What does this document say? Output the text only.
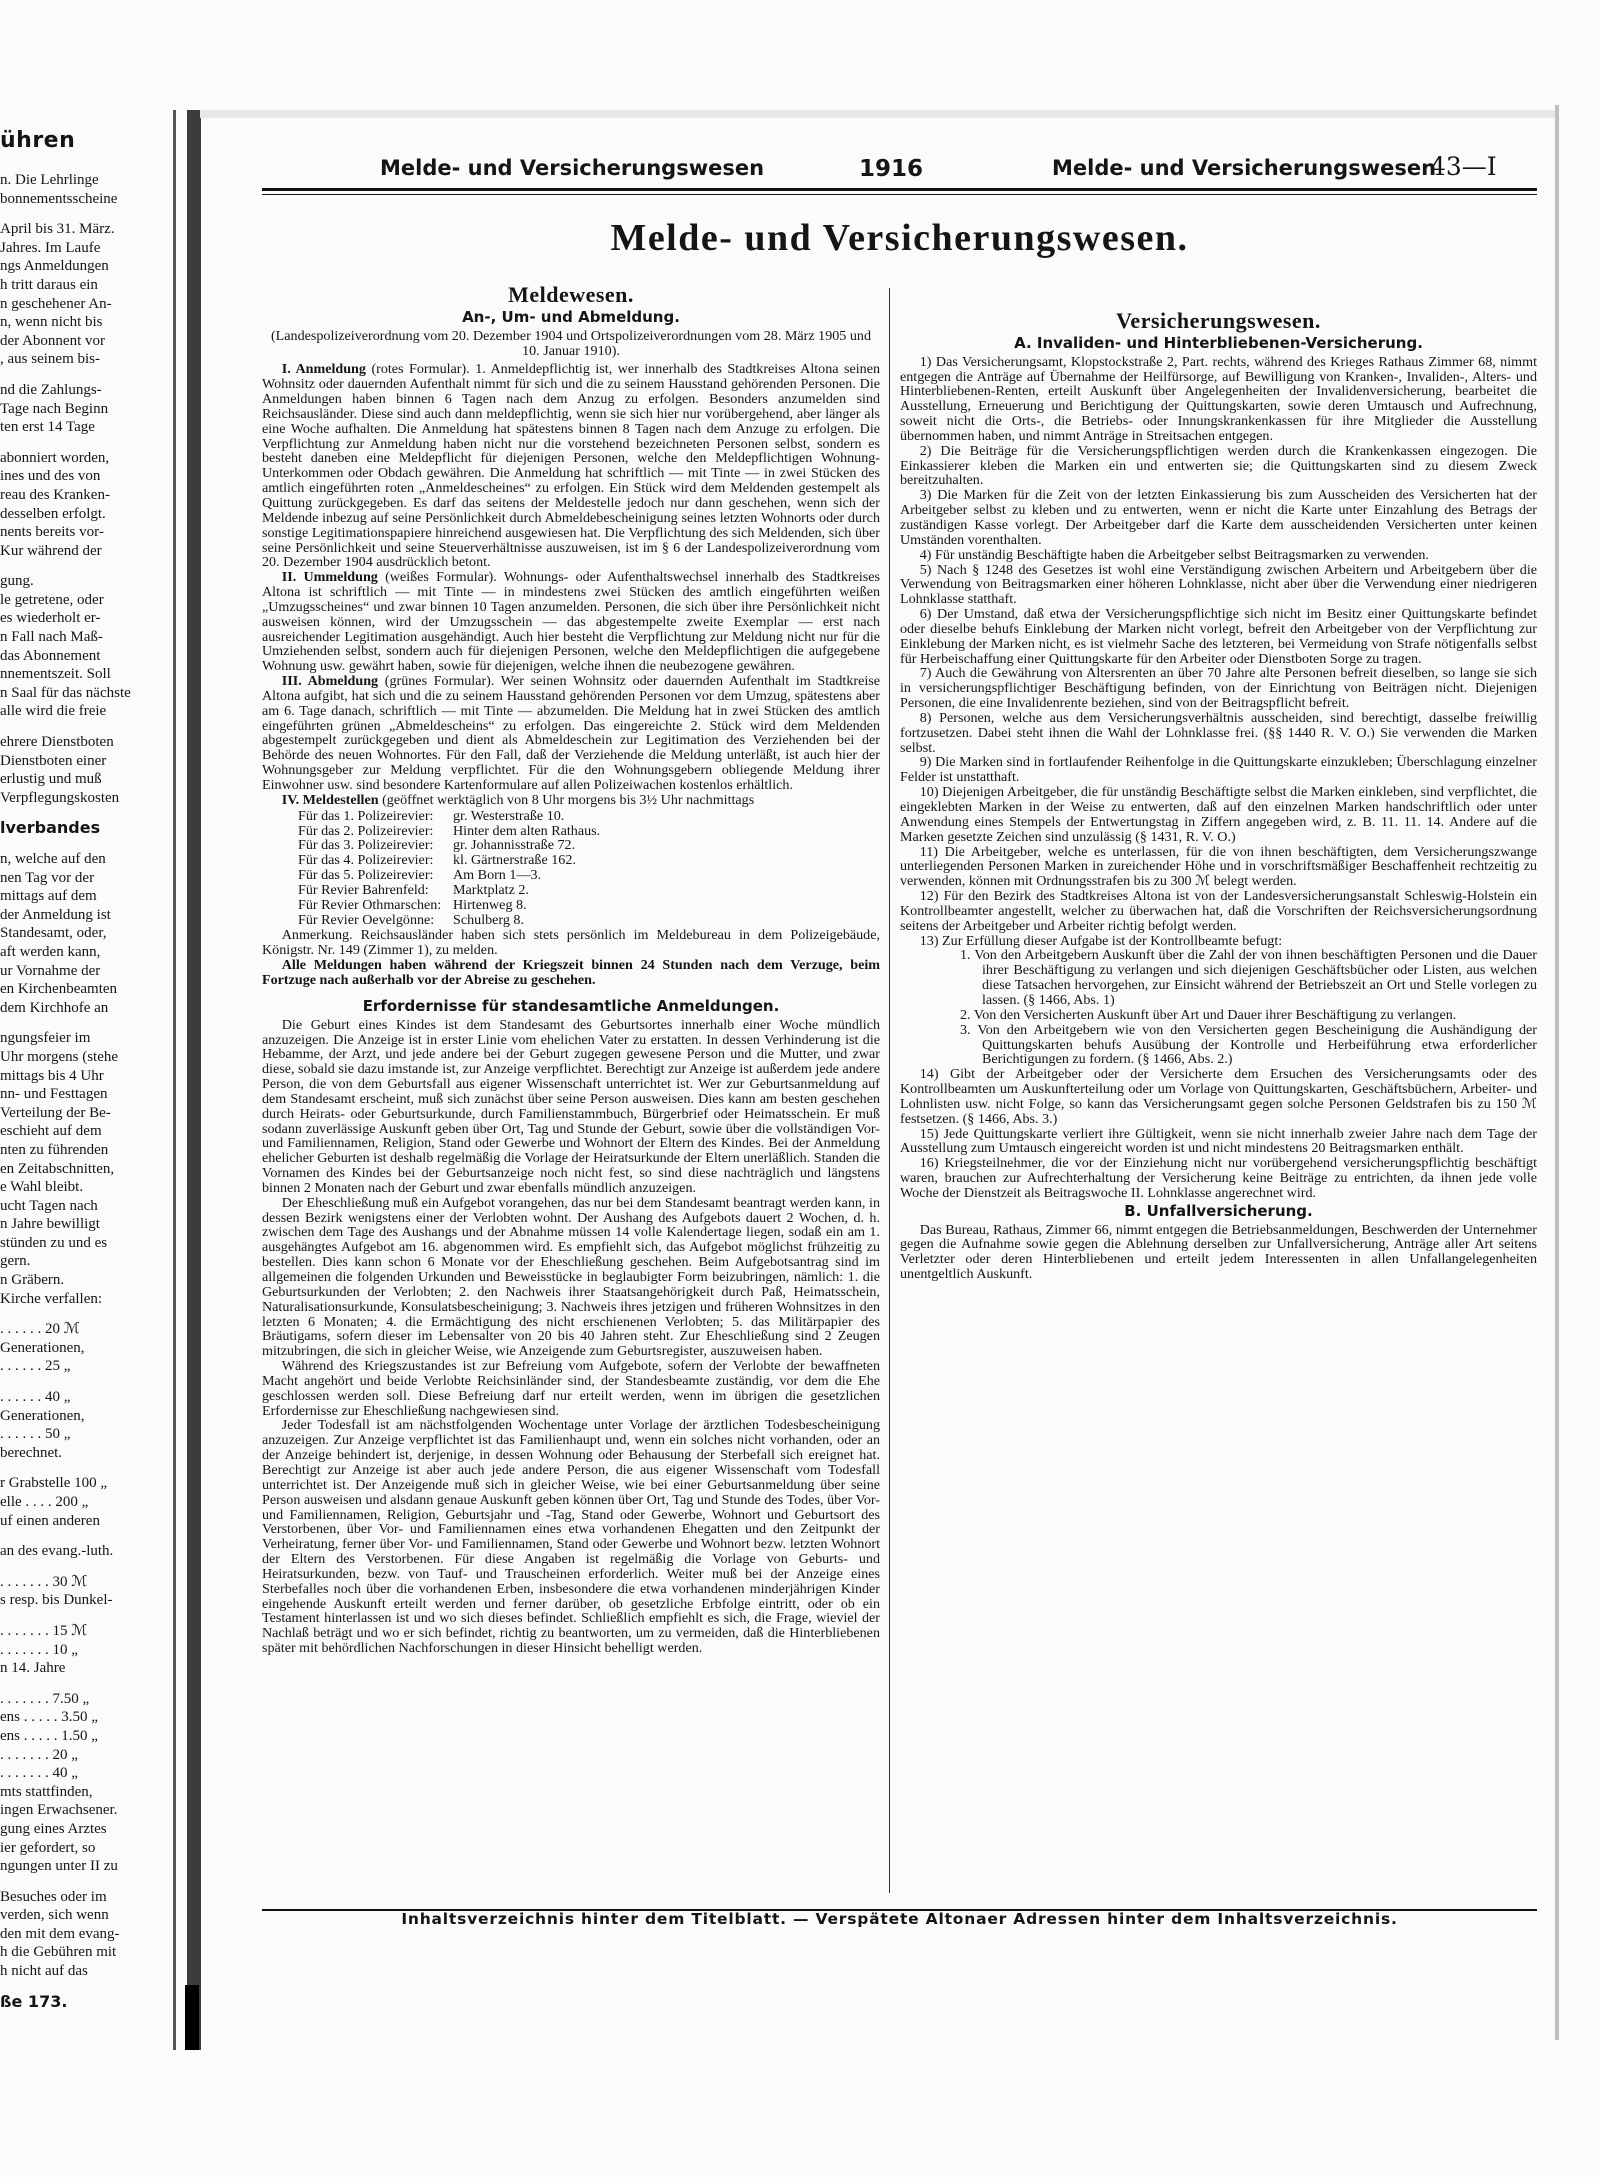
ühren
n. Die Lehrlinge
bonnementsscheine
April bis 31. März.
Jahres. Im Laufe
ngs Anmeldungen
h tritt daraus ein
n geschehener An-
n, wenn nicht bis
der Abonnent vor
, aus seinem bis-
nd die Zahlungs-
Tage nach Beginn
ten erst 14 Tage
abonniert worden,
ines und des von
reau des Kranken-
desselben erfolgt.
nents bereits vor-
Kur während der
gung.
le getretene, oder
es wiederholt er-
n Fall nach Maß-
das Abonnement
nnementszeit. Soll
n Saal für das nächste
alle wird die freie
ehrere Dienstboten
Dienstboten einer
erlustig und muß
Verpflegungskosten
lverbandes
n, welche auf den
nen Tag vor der
mittags auf dem
der Anmeldung ist
Standesamt, oder,
aft werden kann,
ur Vornahme der
en Kirchenbeamten
dem Kirchhofe an
ngungsfeier im
Uhr morgens (stehe
mittags bis 4 Uhr
nn- und Festtagen
Verteilung der Be-
eschieht auf dem
nten zu führenden
en Zeitabschnitten,
e Wahl bleibt.
ucht Tagen nach
n Jahre bewilligt
stünden zu und es
gern.
n Gräbern.
Kirche verfallen:
. . . . . . 20 ℳ
Generationen,
. . . . . . 25 „
. . . . . . 40 „
Generationen,
. . . . . . 50 „
berechnet.
r Grabstelle 100 „
elle . . . . 200 „
uf einen anderen
an des evang.-luth.
. . . . . . . 30 ℳ
s resp. bis Dunkel-
. . . . . . . 15 ℳ
. . . . . . . 10 „
n 14. Jahre
. . . . . . . 7.50 „
ens . . . . . 3.50 „
ens . . . . . 1.50 „
. . . . . . . 20 „
. . . . . . . 40 „
mts stattfinden,
ingen Erwachsener.
gung eines Arztes
ier gefordert, so
ngungen unter II zu
Besuches oder im
verden, sich wenn
den mit dem evang-
h die Gebühren mit
h nicht auf das
ße 173.
Melde- und Versicherungswesen	1916	Melde- und Versicherungswesen
43—I
Melde- und Versicherungswesen.
Meldewesen.
An-, Um- und Abmeldung.
(Landespolizeiverordnung vom 20. Dezember 1904 und Ortspolizeiverordnungen vom 28. März 1905 und 10. Januar 1910).

I. Anmeldung (rotes Formular). 1. Anmeldepflichtig ist, wer innerhalb des Stadtkreises Altona seinen Wohnsitz oder dauernden Aufenthalt nimmt für sich und die zu seinem Hausstand gehörenden Personen. Die Anmeldungen haben binnen 6 Tagen nach dem Anzug zu erfolgen. Besonders anzumelden sind Reichsausländer. Diese sind auch dann meldepflichtig, wenn sie sich hier nur vorübergehend, aber länger als eine Woche aufhalten. Die Anmeldung hat spätestens binnen 8 Tagen nach dem Anzuge zu erfolgen. Die Verpflichtung zur Anmeldung haben nicht nur die vorstehend bezeichneten Personen selbst, sondern es besteht daneben eine Meldepflicht für diejenigen Personen, welche den Meldepflichtigen Wohnung-Unterkommen oder Obdach gewähren. Die Anmeldung hat schriftlich — mit Tinte — in zwei Stücken des amtlich eingeführten roten „Anmeldescheines“ zu erfolgen. Ein Stück wird dem Meldenden gestempelt als Quittung zurückgegeben. Es darf das seitens der Meldestelle jedoch nur dann geschehen, wenn sich der Meldende inbezug auf seine Persönlichkeit durch Abmeldebescheinigung seines letzten Wohnorts oder durch sonstige Legitimationspapiere hinreichend ausgewiesen hat. Die Verpflichtung des sich Meldenden, sich über seine Persönlichkeit und seine Steuerverhältnisse auszuweisen, ist im § 6 der Landespolizeiverordnung vom 20. Dezember 1904 ausdrücklich betont.

II. Ummeldung (weißes Formular). Wohnungs- oder Aufenthaltswechsel innerhalb des Stadtkreises Altona ist schriftlich — mit Tinte — in mindestens zwei Stücken des amtlich eingeführten weißen „Umzugsscheines“ und zwar binnen 10 Tagen anzumelden. Personen, die sich über ihre Persönlichkeit nicht ausweisen können, wird der Umzugsschein — das abgestempelte zweite Exemplar — erst nach ausreichender Legitimation ausgehändigt. Auch hier besteht die Verpflichtung zur Meldung nicht nur für die Umziehenden selbst, sondern auch für diejenigen Personen, welche den Meldepflichtigen die aufgegebene Wohnung usw. gewährt haben, sowie für diejenigen, welche ihnen die neubezogene gewähren.

III. Abmeldung (grünes Formular). Wer seinen Wohnsitz oder dauernden Aufenthalt im Stadtkreise Altona aufgibt, hat sich und die zu seinem Hausstand gehörenden Personen vor dem Umzug, spätestens aber am 6. Tage danach, schriftlich — mit Tinte — abzumelden. Die Meldung hat in zwei Stücken des amtlich eingeführten grünen „Abmeldescheins“ zu erfolgen. Das eingereichte 2. Stück wird dem Meldenden abgestempelt zurückgegeben und dient als Abmeldeschein zur Legitimation des Verziehenden bei der Behörde des neuen Wohnortes. Für den Fall, daß der Verziehende die Meldung unterläßt, ist auch hier der Wohnungsgeber zur Meldung verpflichtet. Für die den Wohnungsgebern obliegende Meldung ihrer Einwohner usw. sind besondere Kartenformulare auf allen Polizeiwachen kostenlos erhältlich.

IV. Meldestellen (geöffnet werktäglich von 8 Uhr morgens bis 3½ Uhr nachmittags

Für das 1. Polizeirevier:	gr. Westerstraße 10.
Für das 2. Polizeirevier:	Hinter dem alten Rathaus.
Für das 3. Polizeirevier:	gr. Johannisstraße 72.
Für das 4. Polizeirevier:	kl. Gärtnerstraße 162.
Für das 5. Polizeirevier:	Am Born 1—3.
Für Revier Bahrenfeld:	Marktplatz 2.
Für Revier Othmarschen: Hirtenweg 8.
Für Revier Oevelgönne:	Schulberg 8.

Anmerkung. Reichsausländer haben sich stets persönlich im Meldebureau in dem Polizeigebäude, Königstr. Nr. 149 (Zimmer 1), zu melden.

Alle Meldungen haben während der Kriegszeit binnen 24 Stunden nach dem Verzuge, beim Fortzuge nach außerhalb vor der Abreise zu geschehen.

Erfordernisse für standesamtliche Anmeldungen.

Die Geburt eines Kindes ist dem Standesamt des Geburtsortes innerhalb einer Woche mündlich anzuzeigen. Die Anzeige ist in erster Linie vom ehelichen Vater zu erstatten. In dessen Verhinderung ist die Hebamme, der Arzt, und jede andere bei der Geburt zugegen gewesene Person und die Mutter, und zwar diese, sobald sie dazu imstande ist, zur Anzeige verpflichtet. Berechtigt zur Anzeige ist außerdem jede andere Person, die von dem Geburtsfall aus eigener Wissenschaft unterrichtet ist. Wer zur Geburtsanmeldung auf dem Standesamt erscheint, muß sich zunächst über seine Person ausweisen. Dies kann am besten geschehen durch Heirats- oder Geburtsurkunde, durch Familienstammbuch, Bürgerbrief oder Heimatsschein. Er muß sodann zuverlässige Auskunft geben über Ort, Tag und Stunde der Geburt, sowie über die vollständigen Vor- und Familiennamen, Religion, Stand oder Gewerbe und Wohnort der Eltern des Kindes. Bei der Anmeldung ehelicher Geburten ist deshalb regelmäßig die Vorlage der Heiratsurkunde der Eltern unerläßlich. Standen die Vornamen des Kindes bei der Geburtsanzeige noch nicht fest, so sind diese nachträglich und längstens binnen 2 Monaten nach der Geburt und zwar ebenfalls mündlich anzuzeigen.

Der Eheschließung muß ein Aufgebot vorangehen, das nur bei dem Standesamt beantragt werden kann, in dessen Bezirk wenigstens einer der Verlobten wohnt. Der Aushang des Aufgebots dauert 2 Wochen, d. h. zwischen dem Tage des Aushangs und der Abnahme müssen 14 volle Kalendertage liegen, sodaß ein am 1. ausgehängtes Aufgebot am 16. abgenommen wird. Es empfiehlt sich, das Aufgebot möglichst frühzeitig zu bestellen. Dies kann schon 6 Monate vor der Eheschließung geschehen. Beim Aufgebotsantrag sind im allgemeinen die folgenden Urkunden und Beweisstücke in beglaubigter Form beizubringen, nämlich: 1. die Geburtsurkunden der Verlobten; 2. den Nachweis ihrer Staatsangehörigkeit durch Paß, Heimatsschein, Naturalisationsurkunde, Konsulatsbescheinigung; 3. Nachweis ihres jetzigen und früheren Wohnsitzes in den letzten 6 Monaten; 4. die Ermächtigung des nicht erschienenen Verlobten; 5. das Militärpapier des Bräutigams, sofern dieser im Lebensalter von 20 bis 40 Jahren steht. Zur Eheschließung sind 2 Zeugen mitzubringen, die sich in gleicher Weise, wie Anzeigende zum Geburtsregister, auszuweisen haben.

Während des Kriegszustandes ist zur Befreiung vom Aufgebote, sofern der Verlobte der bewaffneten Macht angehört und beide Verlobte Reichsinländer sind, der Standesbeamte zuständig, vor dem die Ehe geschlossen werden soll. Diese Befreiung darf nur erteilt werden, wenn im übrigen die gesetzlichen Erfordernisse zur Eheschließung nachgewiesen sind.

Jeder Todesfall ist am nächstfolgenden Wochentage unter Vorlage der ärztlichen Todesbescheinigung anzuzeigen. Zur Anzeige verpflichtet ist das Familienhaupt und, wenn ein solches nicht vorhanden, oder an der Anzeige behindert ist, derjenige, in dessen Wohnung oder Behausung der Sterbefall sich ereignet hat. Berechtigt zur Anzeige ist aber auch jede andere Person, die aus eigener Wissenschaft vom Todesfall unterrichtet ist. Der Anzeigende muß sich in gleicher Weise, wie bei einer Geburtsanmeldung über seine Person ausweisen und alsdann genaue Auskunft geben können über Ort, Tag und Stunde des Todes, über Vor- und Familiennamen, Religion, Geburtsjahr und -Tag, Stand oder Gewerbe, Wohnort und Geburtsort des Verstorbenen, über Vor- und Familiennamen eines etwa vorhandenen Ehegatten und den Zeitpunkt der Verheiratung, ferner über Vor- und Familiennamen, Stand oder Gewerbe und Wohnort bezw. letzten Wohnort der Eltern des Verstorbenen. Für diese Angaben ist regelmäßig die Vorlage von Geburts- und Heiratsurkunden, bezw. von Tauf- und Trauscheinen erforderlich. Weiter muß bei der Anzeige eines Sterbefalles noch über die vorhandenen Erben, insbesondere die etwa vorhandenen minderjährigen Kinder eingehende Auskunft erteilt werden und ferner darüber, ob gesetzliche Erbfolge eintritt, oder ob ein Testament hinterlassen ist und wo sich dieses befindet. Schließlich empfiehlt es sich, die Frage, wieviel der Nachlaß beträgt und wo er sich befindet, richtig zu beantworten, um zu vermeiden, daß die Hinterbliebenen später mit behördlichen Nachforschungen in dieser Hinsicht behelligt werden.

Versicherungswesen.
A. Invaliden- und Hinterbliebenen-Versicherung.

1) Das Versicherungsamt, Klopstockstraße 2, Part. rechts, während des Krieges Rathaus Zimmer 68, nimmt entgegen die Anträge auf Übernahme der Heilfürsorge, auf Bewilligung von Kranken-, Invaliden-, Alters- und Hinterbliebenen-Renten, erteilt Auskunft über Angelegenheiten der Invalidenversicherung, bearbeitet die Ausstellung, Erneuerung und Berichtigung der Quittungskarten, sowie deren Umtausch und Aufrechnung, soweit nicht die Orts-, die Betriebs- oder Innungskrankenkassen für ihre Mitglieder die Ausstellung übernommen haben, und nimmt Anträge in Streitsachen entgegen.

2) Die Beiträge für die Versicherungspflichtigen werden durch die Krankenkassen eingezogen. Die Einkassierer kleben die Marken ein und entwerten sie; die Quittungskarten sind zu diesem Zweck bereitzuhalten.

3) Die Marken für die Zeit von der letzten Einkassierung bis zum Ausscheiden des Versicherten hat der Arbeitgeber selbst zu kleben und zu entwerten, wenn er nicht die Karte unter Einzahlung des Betrags der zuständigen Kasse vorlegt. Der Arbeitgeber darf die Karte dem ausscheidenden Versicherten unter keinen Umständen vorenthalten.

4) Für unständig Beschäftigte haben die Arbeitgeber selbst Beitragsmarken zu verwenden.

5) Nach § 1248 des Gesetzes ist wohl eine Verständigung zwischen Arbeitern und Arbeitgebern über die Verwendung von Beitragsmarken einer höheren Lohnklasse, nicht aber über die Verwendung einer niedrigeren Lohnklasse statthaft.

6) Der Umstand, daß etwa der Versicherungspflichtige sich nicht im Besitz einer Quittungskarte befindet oder dieselbe behufs Einklebung der Marken nicht vorlegt, befreit den Arbeitgeber von der Verpflichtung zur Einklebung der Marken nicht, es ist vielmehr Sache des letzteren, bei Vermeidung von Strafe nötigenfalls selbst für Herbeischaffung einer Quittungskarte für den Arbeiter oder Dienstboten Sorge zu tragen.

7) Auch die Gewährung von Altersrenten an über 70 Jahre alte Personen befreit dieselben, so lange sie sich in versicherungspflichtiger Beschäftigung befinden, von der Einrichtung von Beiträgen nicht. Diejenigen Personen, die eine Invalidenrente beziehen, sind von der Beitragspflicht befreit.

8) Personen, welche aus dem Versicherungsverhältnis ausscheiden, sind berechtigt, dasselbe freiwillig fortzusetzen. Dabei steht ihnen die Wahl der Lohnklasse frei. (§§ 1440 R. V. O.) Sie verwenden die Marken selbst.

9) Die Marken sind in fortlaufender Reihenfolge in die Quittungskarte einzukleben; Überschlagung einzelner Felder ist unstatthaft.

10) Diejenigen Arbeitgeber, die für unständig Beschäftigte selbst die Marken einkleben, sind verpflichtet, die eingeklebten Marken in der Weise zu entwerten, daß auf den einzelnen Marken handschriftlich oder unter Anwendung eines Stempels der Entwertungstag in Ziffern angegeben wird, z. B. 11. 11. 14. Andere auf die Marken gesetzte Zeichen sind unzulässig (§ 1431, R. V. O.)

11) Die Arbeitgeber, welche es unterlassen, für die von ihnen beschäftigten, dem Versicherungszwange unterliegenden Personen Marken in zureichender Höhe und in vorschriftsmäßiger Beschaffenheit rechtzeitig zu verwenden, können mit Ordnungsstrafen bis zu 300 ℳ belegt werden.

12) Für den Bezirk des Stadtkreises Altona ist von der Landesversicherungsanstalt Schleswig-Holstein ein Kontrollbeamter angestellt, welcher zu überwachen hat, daß die Vorschriften der Reichsversicherungsordnung seitens der Arbeitgeber und Arbeiter richtig befolgt werden.

13) Zur Erfüllung dieser Aufgabe ist der Kontrollbeamte befugt:

1. Von den Arbeitgebern Auskunft über die Zahl der von ihnen beschäftigten Personen und die Dauer ihrer Beschäftigung zu verlangen und sich diejenigen Geschäftsbücher oder Listen, aus welchen diese Tatsachen hervorgehen, zur Einsicht während der Betriebszeit an Ort und Stelle vorlegen zu lassen. (§ 1466, Abs. 1)

2. Von den Versicherten Auskunft über Art und Dauer ihrer Beschäftigung zu verlangen.

3. Von den Arbeitgebern wie von den Versicherten gegen Bescheinigung die Aushändigung der Quittungskarten behufs Ausübung der Kontrolle und Herbeiführung etwa erforderlicher Berichtigungen zu fordern. (§ 1466, Abs. 2.)

14) Gibt der Arbeitgeber oder der Versicherte dem Ersuchen des Versicherungsamts oder des Kontrollbeamten um Auskunfterteilung oder um Vorlage von Quittungskarten, Geschäftsbüchern, Arbeiter- und Lohnlisten usw. nicht Folge, so kann das Versicherungsamt gegen solche Personen Geldstrafen bis zu 150 ℳ festsetzen. (§ 1466, Abs. 3.)

15) Jede Quittungskarte verliert ihre Gültigkeit, wenn sie nicht innerhalb zweier Jahre nach dem Tage der Ausstellung zum Umtausch eingereicht worden ist und nicht mindestens 20 Beitragsmarken enthält.

16) Kriegsteilnehmer, die vor der Einziehung nicht nur vorübergehend versicherungspflichtig beschäftigt waren, brauchen zur Aufrechterhaltung der Versicherung keine Beiträge zu entrichten, da ihnen jede volle Woche der Dienstzeit als Beitragswoche II. Lohnklasse angerechnet wird.

B. Unfallversicherung.

Das Bureau, Rathaus, Zimmer 66, nimmt entgegen die Betriebsanmeldungen, Beschwerden der Unternehmer gegen die Aufnahme sowie gegen die Ablehnung derselben zur Unfallversicherung, Anträge aller Art seitens Verletzter oder deren Hinterbliebenen und erteilt jedem Interessenten in allen Unfallangelegenheiten unentgeltlich Auskunft.

Inhaltsverzeichnis hinter dem Titelblatt. — Verspätete Altonaer Adressen hinter dem Inhaltsverzeichnis.
